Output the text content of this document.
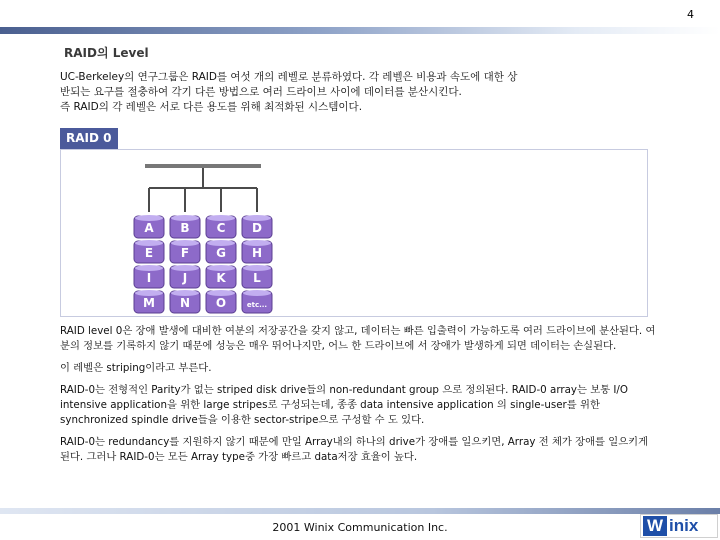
4
RAID의 Level

UC-Berkeley의 연구그룹은 RAID를 여섯 개의 레벨로 분류하였다. 각 레벨은 비용과 속도에 대한 상

반되는 요구를 절충하여 각기 다른 방법으로 여러 드라이브 사이에 데이터를 분산시킨다.

즉 RAID의 각 레벨은 서로 다른 용도를 위해 최적화된 시스템이다.

RAID 0
A
E
I
M
B
F
J
N
C
G
K
O
D
H
L
etc...

RAID level 0은 장애 발생에 대비한 여분의 저장공간을 갖지 않고, 데이터는 빠른 입출력이 가능하도록 여러 드라이브에 분산된다. 여분의 정보를 기록하지 않기 때문에 성능은 매우 뛰어나지만, 어느 한 드라이브에 서 장애가 발생하게 되면 데이터는 손실된다.

이 레벨은 striping이라고 부른다.

RAID-0는 전형적인 Parity가 없는 striped disk drive들의 non-redundant group 으로 정의된다. RAID-0 array는 보통 I/O intensive application을 위한 large stripes로 구성되는데, 종종 data intensive application 의 single-user를 위한 synchronized spindle drive들을 이용한 sector-stripe으로 구성할 수 도 있다.

RAID-0는 redundancy를 지원하지 않기 때문에 만일 Array내의 하나의 drive가 장애를 일으키면, Array 전 체가 장애를 일으키게 된다. 그러나 RAID-0는 모든 Array type중 가장 빠르고 data저장 효율이 높다.

2001 Winix Communication Inc.	W inix
